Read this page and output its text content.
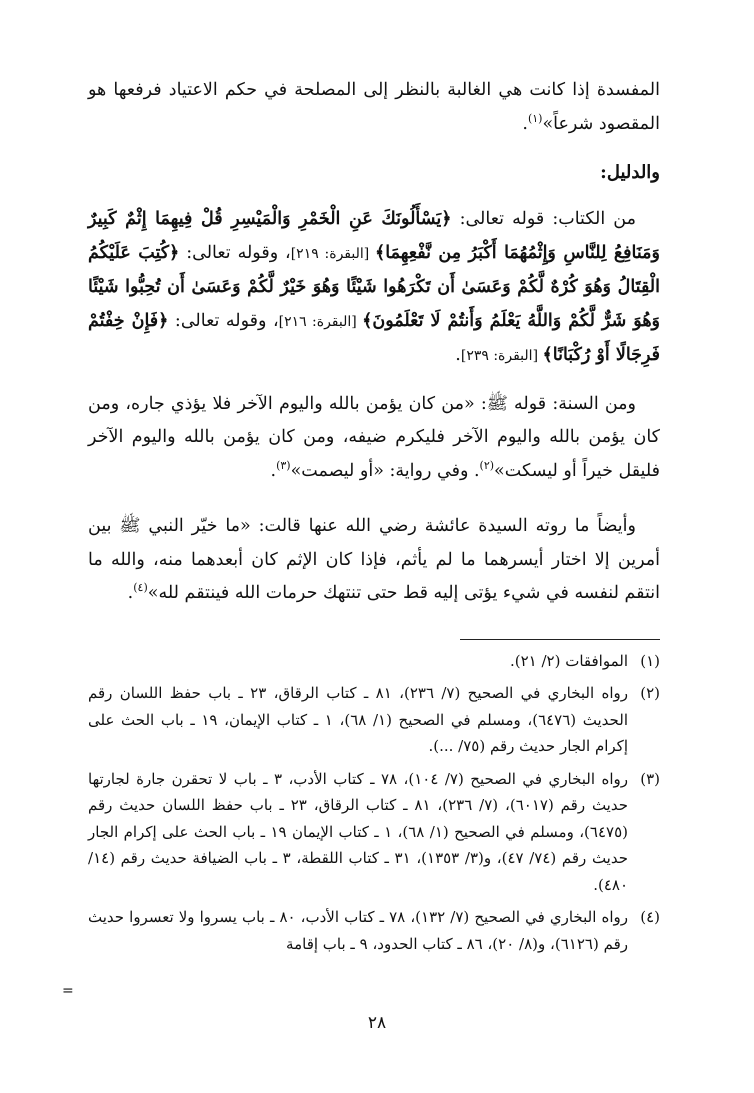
المفسدة إذا كانت هي الغالبة بالنظر إلى المصلحة في حكم الاعتياد فرفعها هو المقصود شرعاً»$^{(١)}$.

والدليل:

من الكتاب: قوله تعالى: ﴿يَسْأَلُونَكَ عَنِ الْخَمْرِ وَالْمَيْسِرِ قُلْ فِيهِمَا إِثْمٌ كَبِيرٌ وَمَنَافِعُ لِلنَّاسِ وَإِثْمُهُمَا أَكْبَرُ مِن نَّفْعِهِمَا﴾ [البقرة: ٢١٩]، وقوله تعالى: ﴿كُتِبَ عَلَيْكُمُ الْقِتَالُ وَهُوَ كُرْهٌ لَّكُمْ وَعَسَىٰ أَن تَكْرَهُوا شَيْئًا وَهُوَ خَيْرٌ لَّكُمْ وَعَسَىٰ أَن تُحِبُّوا شَيْئًا وَهُوَ شَرٌّ لَّكُمْ وَاللَّهُ يَعْلَمُ وَأَنتُمْ لَا تَعْلَمُونَ﴾ [البقرة: ٢١٦]، وقوله تعالى: ﴿فَإِنْ خِفْتُمْ فَرِجَالًا أَوْ رُكْبَانًا﴾ [البقرة: ٢٣٩].

ومن السنة: قوله ﷺ: «من كان يؤمن بالله واليوم الآخر فلا يؤذي جاره، ومن كان يؤمن بالله واليوم الآخر فليكرم ضيفه، ومن كان يؤمن بالله واليوم الآخر فليقل خيراً أو ليسكت»$^{(٢)}$. وفي رواية: «أو ليصمت»$^{(٣)}$.

وأيضاً ما روته السيدة عائشة رضي الله عنها قالت: «ما خيّر النبي ﷺ بين أمرين إلا اختار أيسرهما ما لم يأثم، فإذا كان الإثم كان أبعدهما منه، والله ما انتقم لنفسه في شيء يؤتى إليه قط حتى تنتهك حرمات الله فينتقم لله»$^{(٤)}$.

(١)
الموافقات (٢/ ٢١).
(٢)
رواه البخاري في الصحيح (٧/ ٢٣٦)، ٨١ ـ كتاب الرقاق، ٢٣ ـ باب حفظ اللسان رقم الحديث (٦٤٧٦)، ومسلم في الصحيح (١/ ٦٨)، ١ ـ كتاب الإيمان، ١٩ ـ باب الحث على إكرام الجار حديث رقم (٧٥/ ...).
(٣)
رواه البخاري في الصحيح (٧/ ١٠٤)، ٧٨ ـ كتاب الأدب، ٣ ـ باب لا تحقرن جارة لجارتها حديث رقم (٦٠١٧)، (٧/ ٢٣٦)، ٨١ ـ كتاب الرقاق، ٢٣ ـ باب حفظ اللسان حديث رقم (٦٤٧٥)، ومسلم في الصحيح (١/ ٦٨)، ١ ـ كتاب الإيمان ١٩ ـ باب الحث على إكرام الجار حديث رقم (٧٤/ ٤٧)، و(٣/ ١٣٥٣)، ٣١ ـ كتاب اللقطة، ٣ ـ باب الضيافة حديث رقم (١٤/ ٤٨٠).
(٤)
رواه البخاري في الصحيح (٧/ ١٣٢)، ٧٨ ـ كتاب الأدب، ٨٠ ـ باب يسروا ولا تعسروا حديث رقم (٦١٢٦)، و(٨/ ٢٠)، ٨٦ ـ كتاب الحدود، ٩ ـ باب إقامة
=
٢٨
